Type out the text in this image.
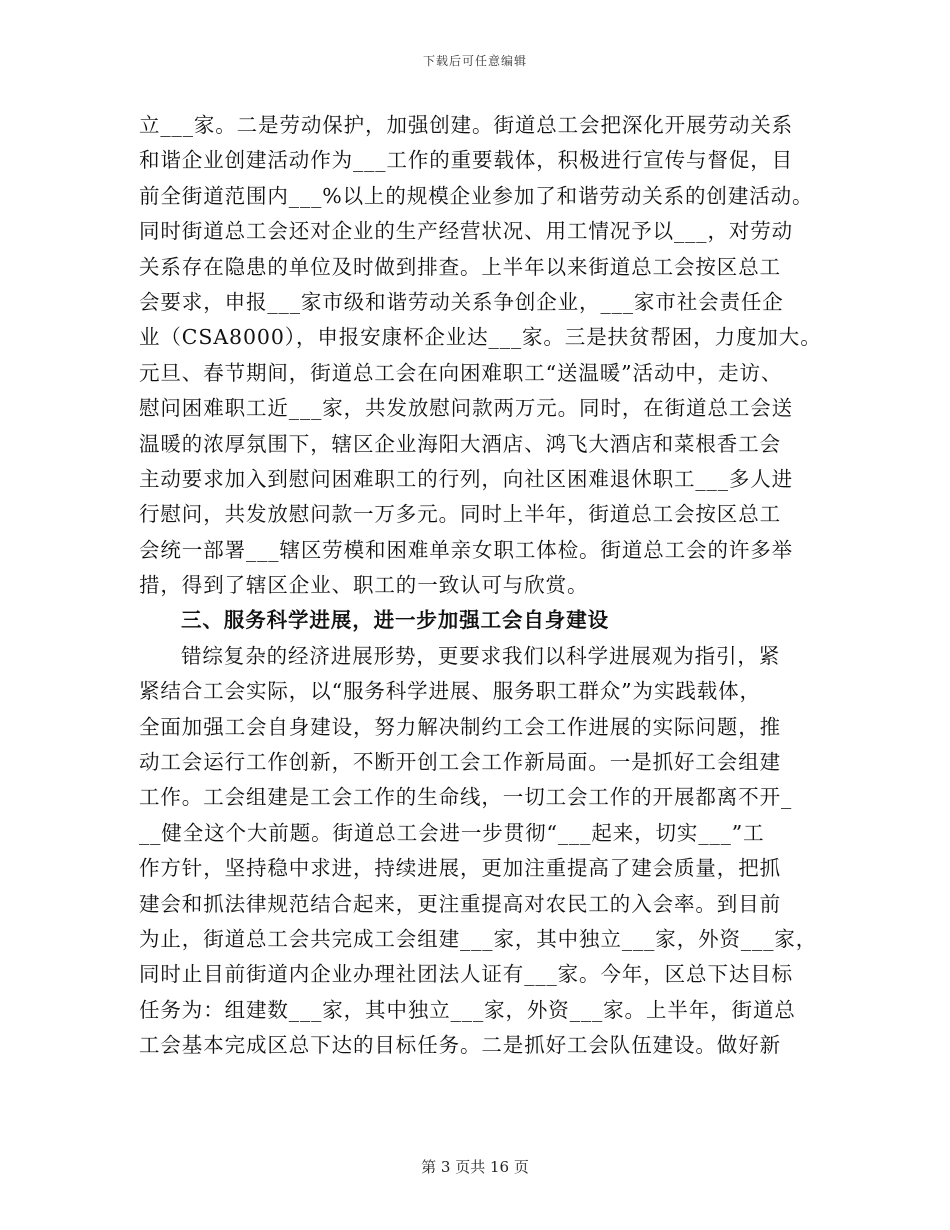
下载后可任意编辑
立___家。二是劳动保护，加强创建。街道总工会把深化开展劳动关系
和谐企业创建活动作为___工作的重要载体，积极进行宣传与督促，目
前全街道范围内___%以上的规模企业参加了和谐劳动关系的创建活动。
同时街道总工会还对企业的生产经营状况、用工情况予以___，对劳动
关系存在隐患的单位及时做到排查。上半年以来街道总工会按区总工
会要求，申报___家市级和谐劳动关系争创企业，___家市社会责任企
业（CSA8000），申报安康杯企业达___家。三是扶贫帮困，力度加大。
元旦、春节期间，街道总工会在向困难职工“送温暖”活动中，走访、
慰问困难职工近___家，共发放慰问款两万元。同时，在街道总工会送
温暖的浓厚氛围下，辖区企业海阳大酒店、鸿飞大酒店和菜根香工会
主动要求加入到慰问困难职工的行列，向社区困难退休职工___多人进
行慰问，共发放慰问款一万多元。同时上半年，街道总工会按区总工
会统一部署___辖区劳模和困难单亲女职工体检。街道总工会的许多举
措，得到了辖区企业、职工的一致认可与欣赏。
三、服务科学进展，进一步加强工会自身建设
错综复杂的经济进展形势，更要求我们以科学进展观为指引，紧
紧结合工会实际，以“服务科学进展、服务职工群众”为实践载体，
全面加强工会自身建设，努力解决制约工会工作进展的实际问题，推
动工会运行工作创新，不断开创工会工作新局面。一是抓好工会组建
工作。工会组建是工会工作的生命线，一切工会工作的开展都离不开_
__健全这个大前题。街道总工会进一步贯彻“___起来，切实___”工
作方针，坚持稳中求进，持续进展，更加注重提高了建会质量，把抓
建会和抓法律规范结合起来，更注重提高对农民工的入会率。到目前
为止，街道总工会共完成工会组建___家，其中独立___家，外资___家，
同时止目前街道内企业办理社团法人证有___家。今年，区总下达目标
任务为：组建数___家，其中独立___家，外资___家。上半年，街道总
工会基本完成区总下达的目标任务。二是抓好工会队伍建设。做好新
第 3 页共 16 页
